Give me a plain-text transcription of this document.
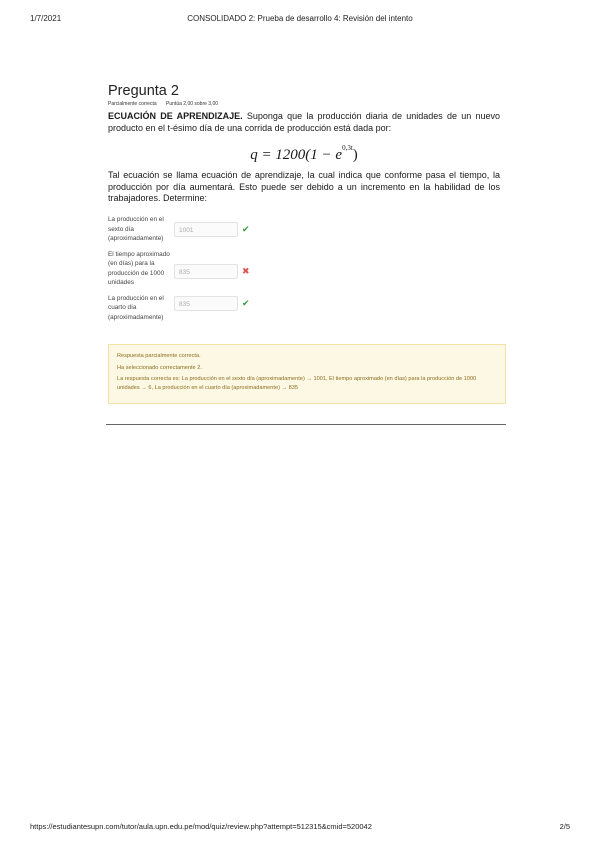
1/7/2021	CONSOLIDADO 2: Prueba de desarrollo 4: Revisión del intento
Pregunta 2
Parcialmente correcta Puntúa 2,00 sobre 3,00

ECUACIÓN DE APRENDIZAJE. Suponga que la producción diaria de unidades de un nuevo producto en el t-ésimo día de una corrida de producción está dada por:

$q = 1200(1 - e^{0,3t})$

Tal ecuación se llama ecuación de aprendizaje, la cual indica que conforme pasa el tiempo, la producción por día aumentará. Esto puede ser debido a un incremento en la habilidad de los trabajadores. Determine:

La producción en el sexto día (aproximadamente)
1001	✔
El tiempo aproximado (en días) para la producción de 1000 unidades
835	✖
La producción en el cuarto día (aproximadamente)
835	✔

Respuesta parcialmente correcta.

Ha seleccionado correctamente 2.

La respuesta correcta es: La producción en el sexto día (aproximadamente) → 1001, El tiempo aproximado (en días) para la producción de 1000 unidades → 6, La producción en el cuarto día (aproximadamente) → 835

https://estudiantesupn.com/tutor/aula.upn.edu.pe/mod/quiz/review.php?attempt=512315&cmid=520042	2/5
